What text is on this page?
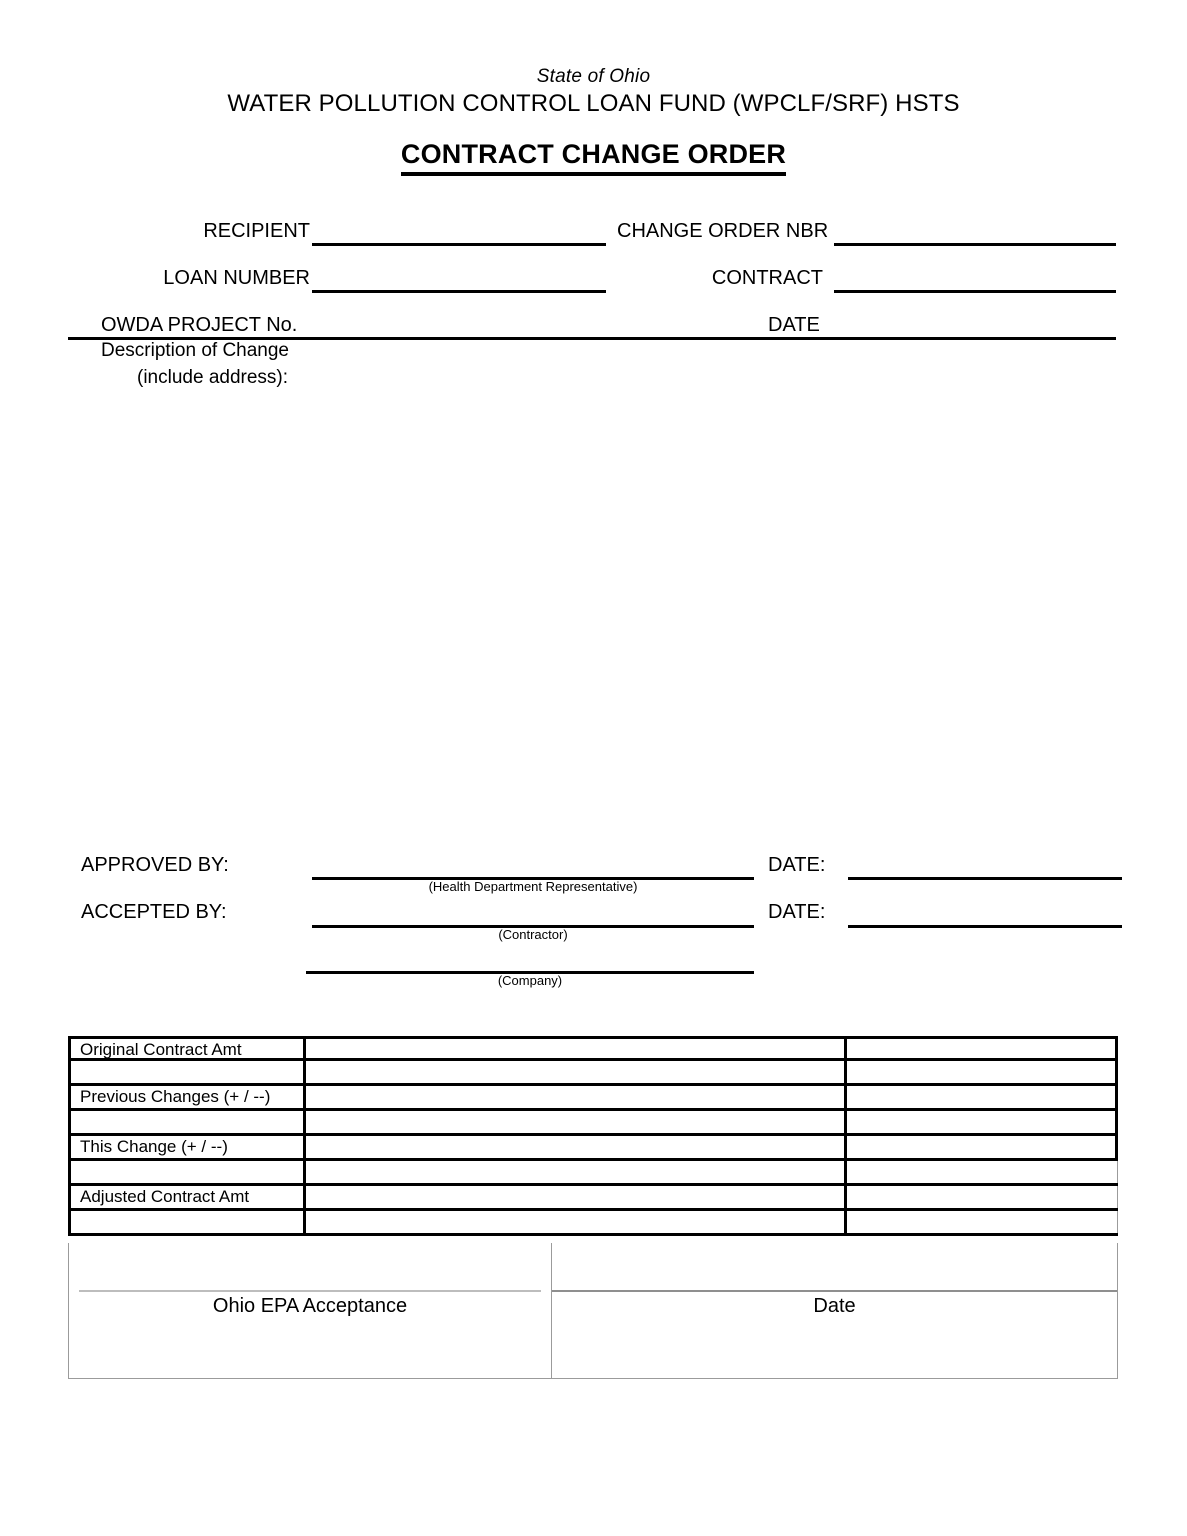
State of Ohio
WATER POLLUTION CONTROL LOAN FUND (WPCLF/SRF) HSTS
CONTRACT CHANGE ORDER
RECIPIENT	CHANGE ORDER NBR
LOAN NUMBER	CONTRACT
OWDA PROJECT No.	DATE
Description of Change
(include address):
APPROVED BY:
(Health Department Representative)
DATE:
ACCEPTED BY:
(Contractor)
DATE:
(Company)
Original Contract Amt
Previous Changes (+ / --)
This Change (+ / --)
Adjusted Contract Amt
Ohio EPA Acceptance	Date
